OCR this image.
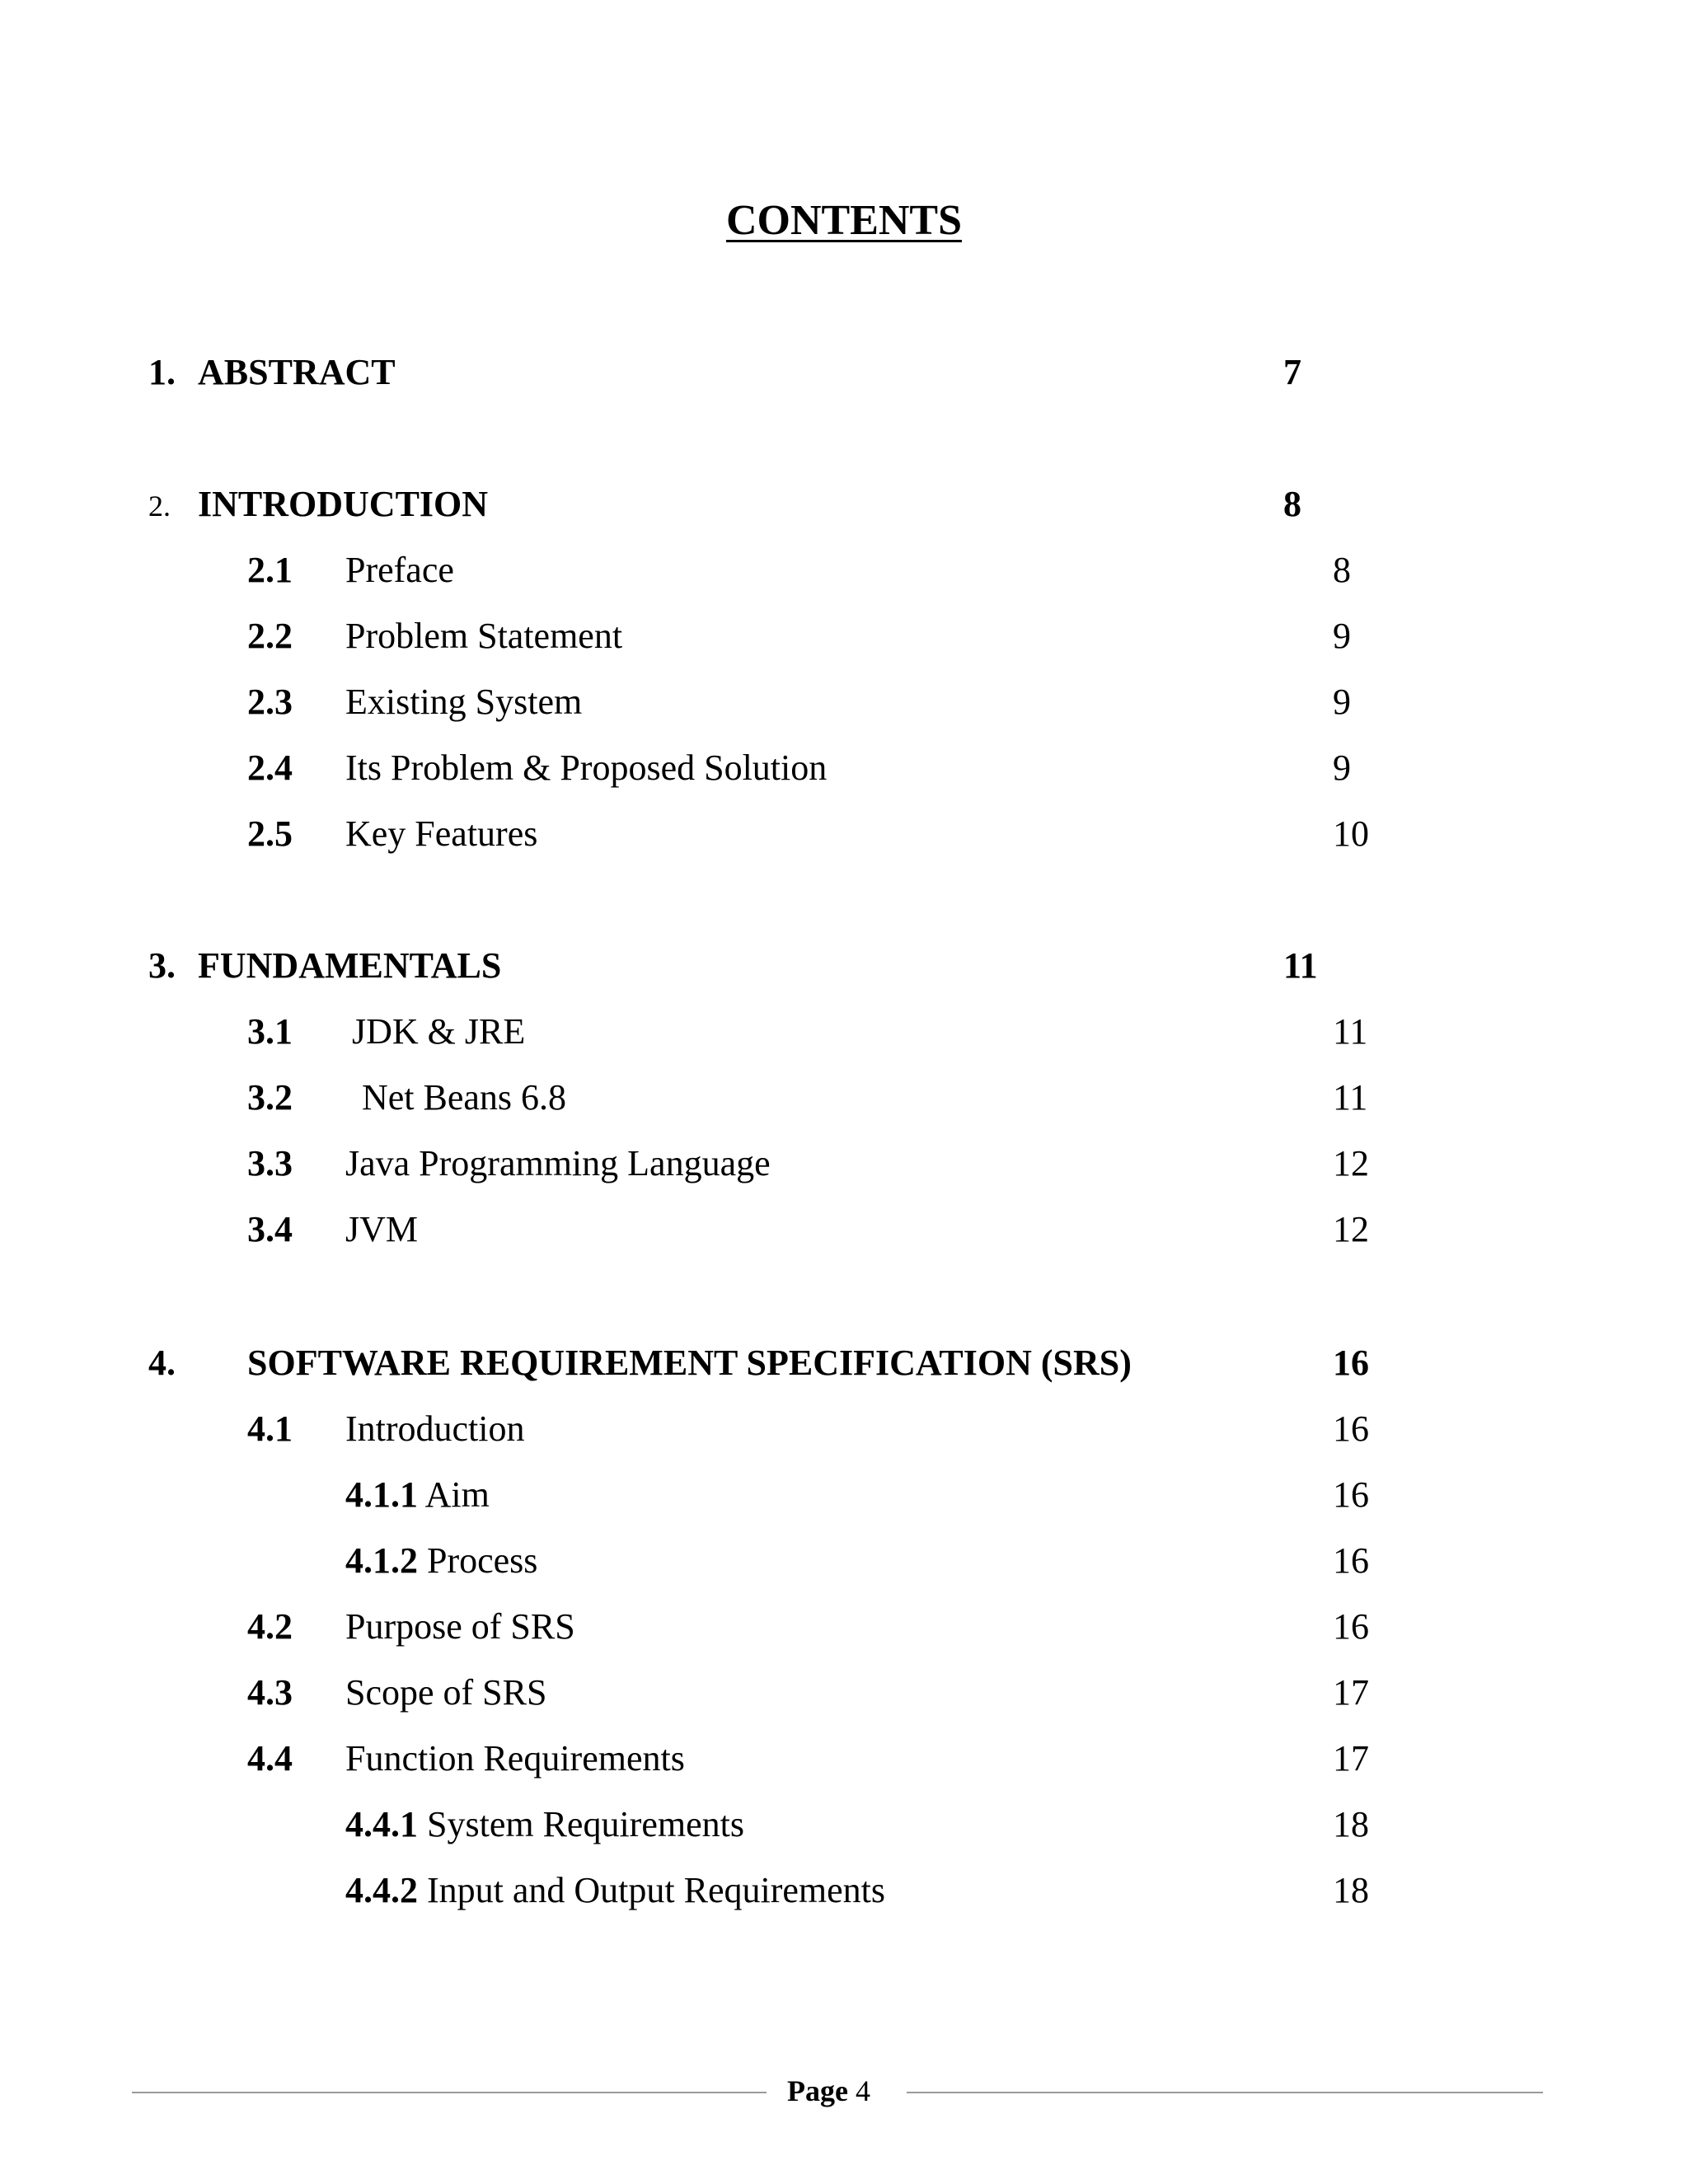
CONTENTS
1. ABSTRACT	7
2. INTRODUCTION	8
2.1 Preface	8
2.2 Problem Statement	9
2.3 Existing System	9
2.4 Its Problem & Proposed Solution	9
2.5 Key Features	10
3. FUNDAMENTALS	11
3.1 JDK & JRE	11
3.2 Net Beans 6.8	11
3.3 Java Programming Language	12
3.4 JVM	12
4. SOFTWARE REQUIREMENT SPECIFICATION (SRS)	16
4.1 Introduction	16
4.1.1 Aim	16
4.1.2 Process	16
4.2 Purpose of SRS	16
4.3 Scope of SRS	17
4.4 Function Requirements	17
4.4.1 System Requirements	18
4.4.2 Input and Output Requirements	18
Page 4
